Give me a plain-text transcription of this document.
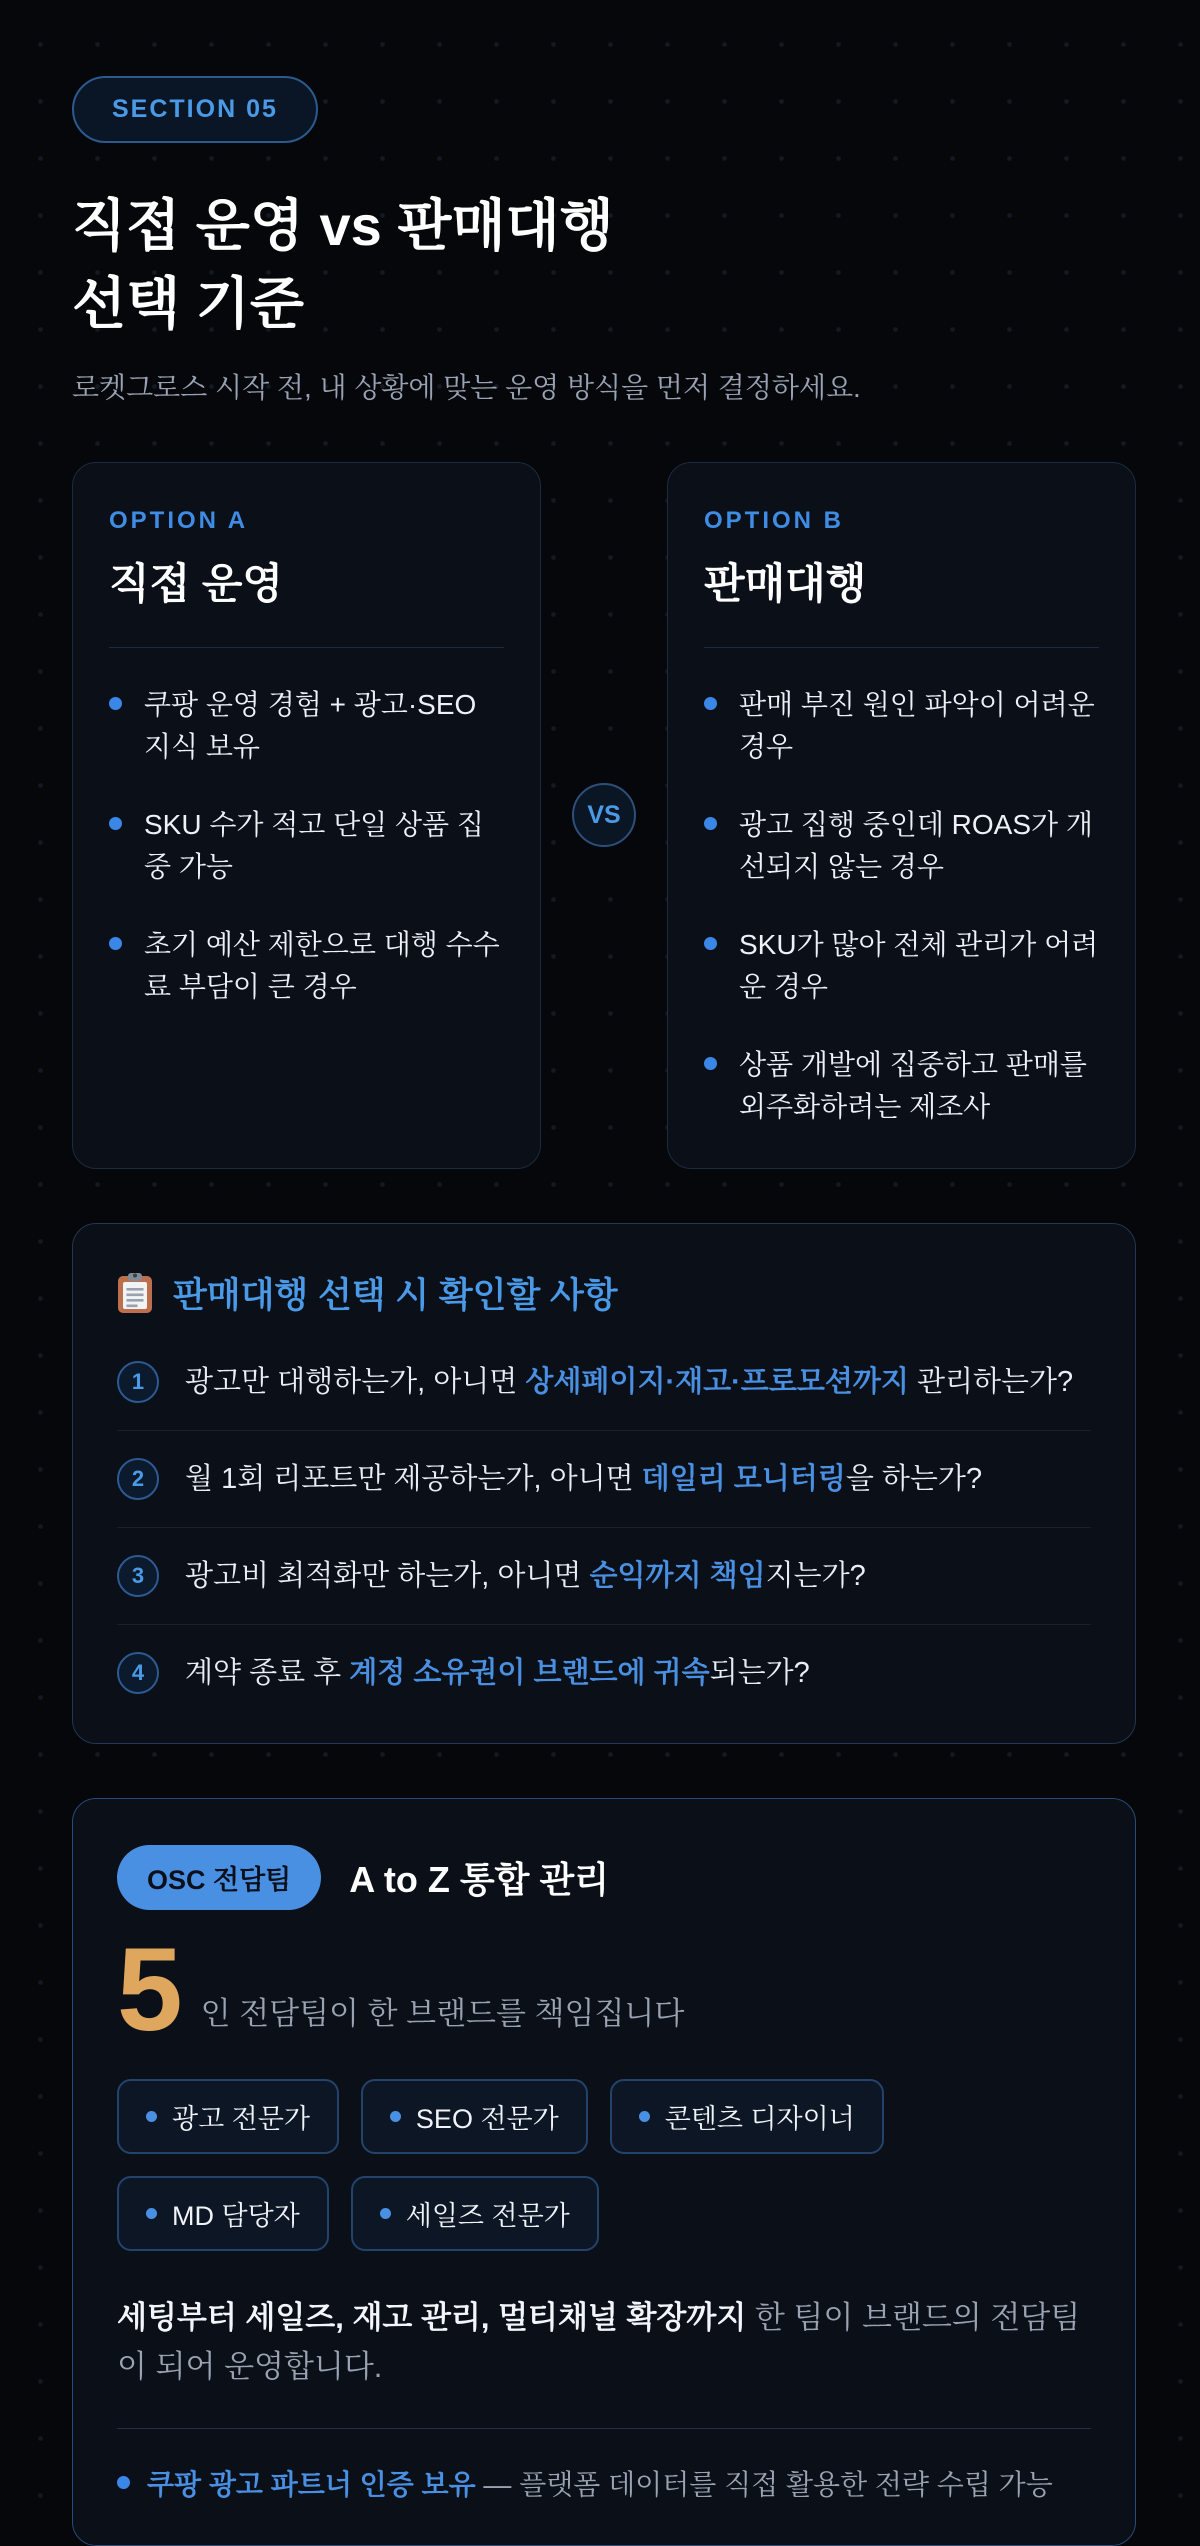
SECTION 05
직접 운영 vs 판매대행
선택 기준
로켓그로스 시작 전, 내 상황에 맞는 운영 방식을 먼저 결정하세요.
OPTION A
직접 운영
쿠팡 운영 경험 + 광고·SEO 지식 보유
SKU 수가 적고 단일 상품 집중 가능
초기 예산 제한으로 대행 수수료 부담이 큰 경우
VS
OPTION B
판매대행
판매 부진 원인 파악이 어려운 경우
광고 집행 중인데 ROAS가 개선되지 않는 경우
SKU가 많아 전체 관리가 어려운 경우
상품 개발에 집중하고 판매를 외주화하려는 제조사
판매대행 선택 시 확인할 사항
1	광고만 대행하는가, 아니면 상세페이지·재고·프로모션까지 관리하는가?
2	월 1회 리포트만 제공하는가, 아니면 데일리 모니터링을 하는가?
3	광고비 최적화만 하는가, 아니면 순익까지 책임지는가?
4	계약 종료 후 계정 소유권이 브랜드에 귀속되는가?
OSC 전담팀	A to Z 통합 관리
5 인 전담팀이 한 브랜드를 책임집니다
광고 전문가	SEO 전문가	콘텐츠 디자이너
MD 담당자	세일즈 전문가
세팅부터 세일즈, 재고 관리, 멀티채널 확장까지 한 팀이 브랜드의 전담팀이 되어 운영합니다.
쿠팡 광고 파트너 인증 보유 — 플랫폼 데이터를 직접 활용한 전략 수립 가능
